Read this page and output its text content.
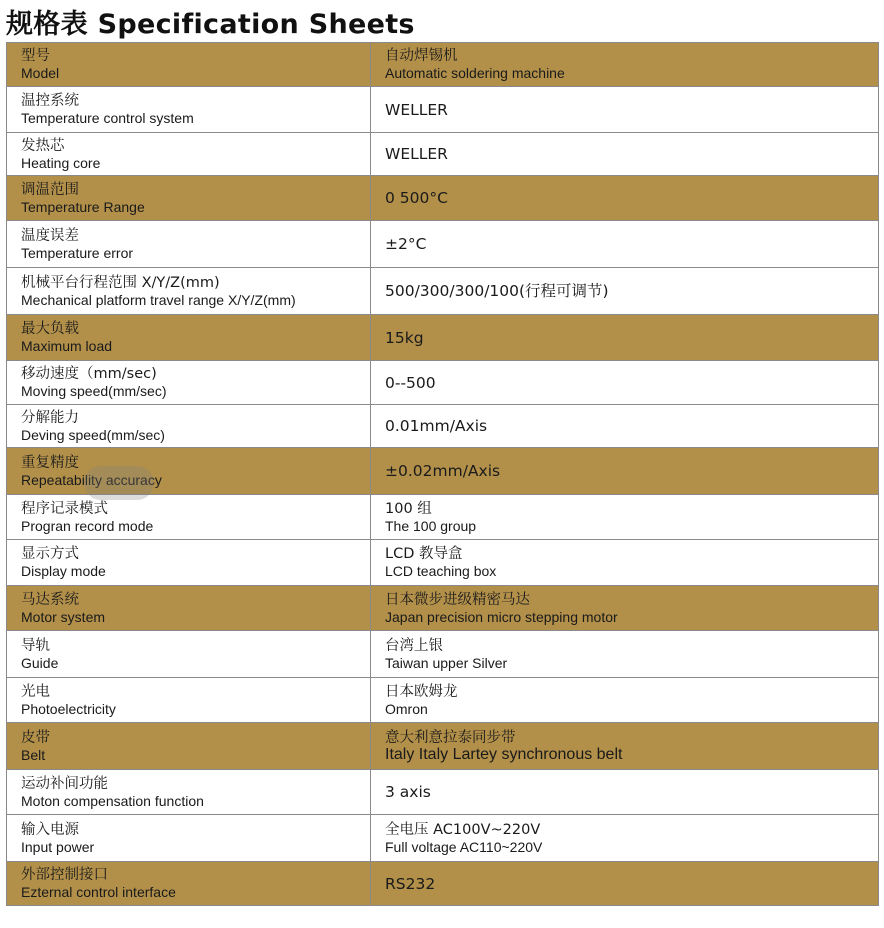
规格表 Specification Sheets
型号
Model	自动焊锡机
Automatic soldering machine

温控系统
Temperature control system	WELLER

发热芯
Heating core	WELLER

调温范围
Temperature Range	0 500°C

温度误差
Temperature error	±2°C

机械平台行程范围 X/Y/Z(mm)
Mechanical platform travel range X/Y/Z(mm)	500/300/300/100(行程可调节)

最大负载
Maximum load	15kg

移动速度（mm/sec)
Moving speed(mm/sec)	0--500

分解能力
Deving speed(mm/sec)	0.01mm/Axis

重复精度
Repeatability accuracy	±0.02mm/Axis

程序记录模式
Progran record mode	100 组
The 100 group

显示方式
Display mode	LCD 教导盒
LCD teaching box

马达系统
Motor system	日本微步进级精密马达
Japan precision micro stepping motor

导轨
Guide	台湾上银
Taiwan upper Silver

光电
Photoelectricity	日本欧姆龙
Omron

皮带
Belt	意大利意拉泰同步带
Italy Italy Lartey synchronous belt

运动补间功能
Moton compensation function	3 axis

输入电源
Input power	全电压 AC100V~220V
Full voltage AC110~220V

外部控制接口
Ezternal control interface	RS232
